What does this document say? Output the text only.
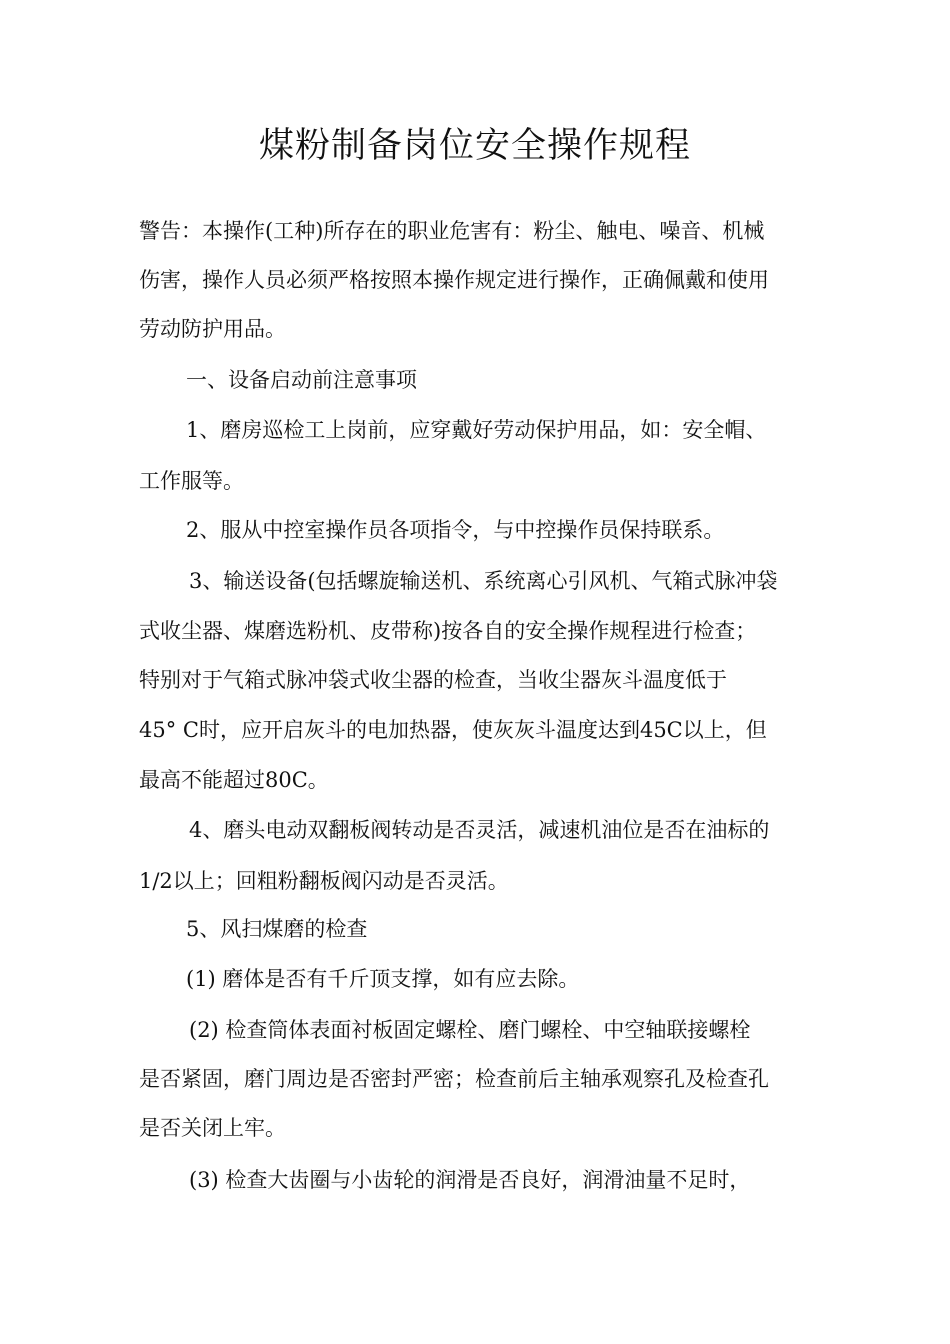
煤粉制备岗位安全操作规程

警告：本操作(工种)所存在的职业危害有：粉尘、触电、噪音、机械

伤害，操作人员必须严格按照本操作规定进行操作，正确佩戴和使用

劳动防护用品。

一、设备启动前注意事项

1、磨房巡检工上岗前，应穿戴好劳动保护用品，如：安全帽、

工作服等。

2、服从中控室操作员各项指令，与中控操作员保持联系。

3、输送设备(包括螺旋输送机、系统离心引风机、气箱式脉冲袋

式收尘器、煤磨选粉机、皮带称)按各自的安全操作规程进行检查；

特别对于气箱式脉冲袋式收尘器的检查，当收尘器灰斗温度低于

45° C时，应开启灰斗的电加热器，使灰灰斗温度达到45C以上，但

最高不能超过80C。

4、磨头电动双翻板阀转动是否灵活，减速机油位是否在油标的

1/2以上；回粗粉翻板阀闪动是否灵活。

5、风扫煤磨的检查

(1) 磨体是否有千斤顶支撑，如有应去除。

(2) 检查筒体表面衬板固定螺栓、磨门螺栓、中空轴联接螺栓

是否紧固，磨门周边是否密封严密；检查前后主轴承观察孔及检查孔

是否关闭上牢。

(3) 检查大齿圈与小齿轮的润滑是否良好，润滑油量不足时，
